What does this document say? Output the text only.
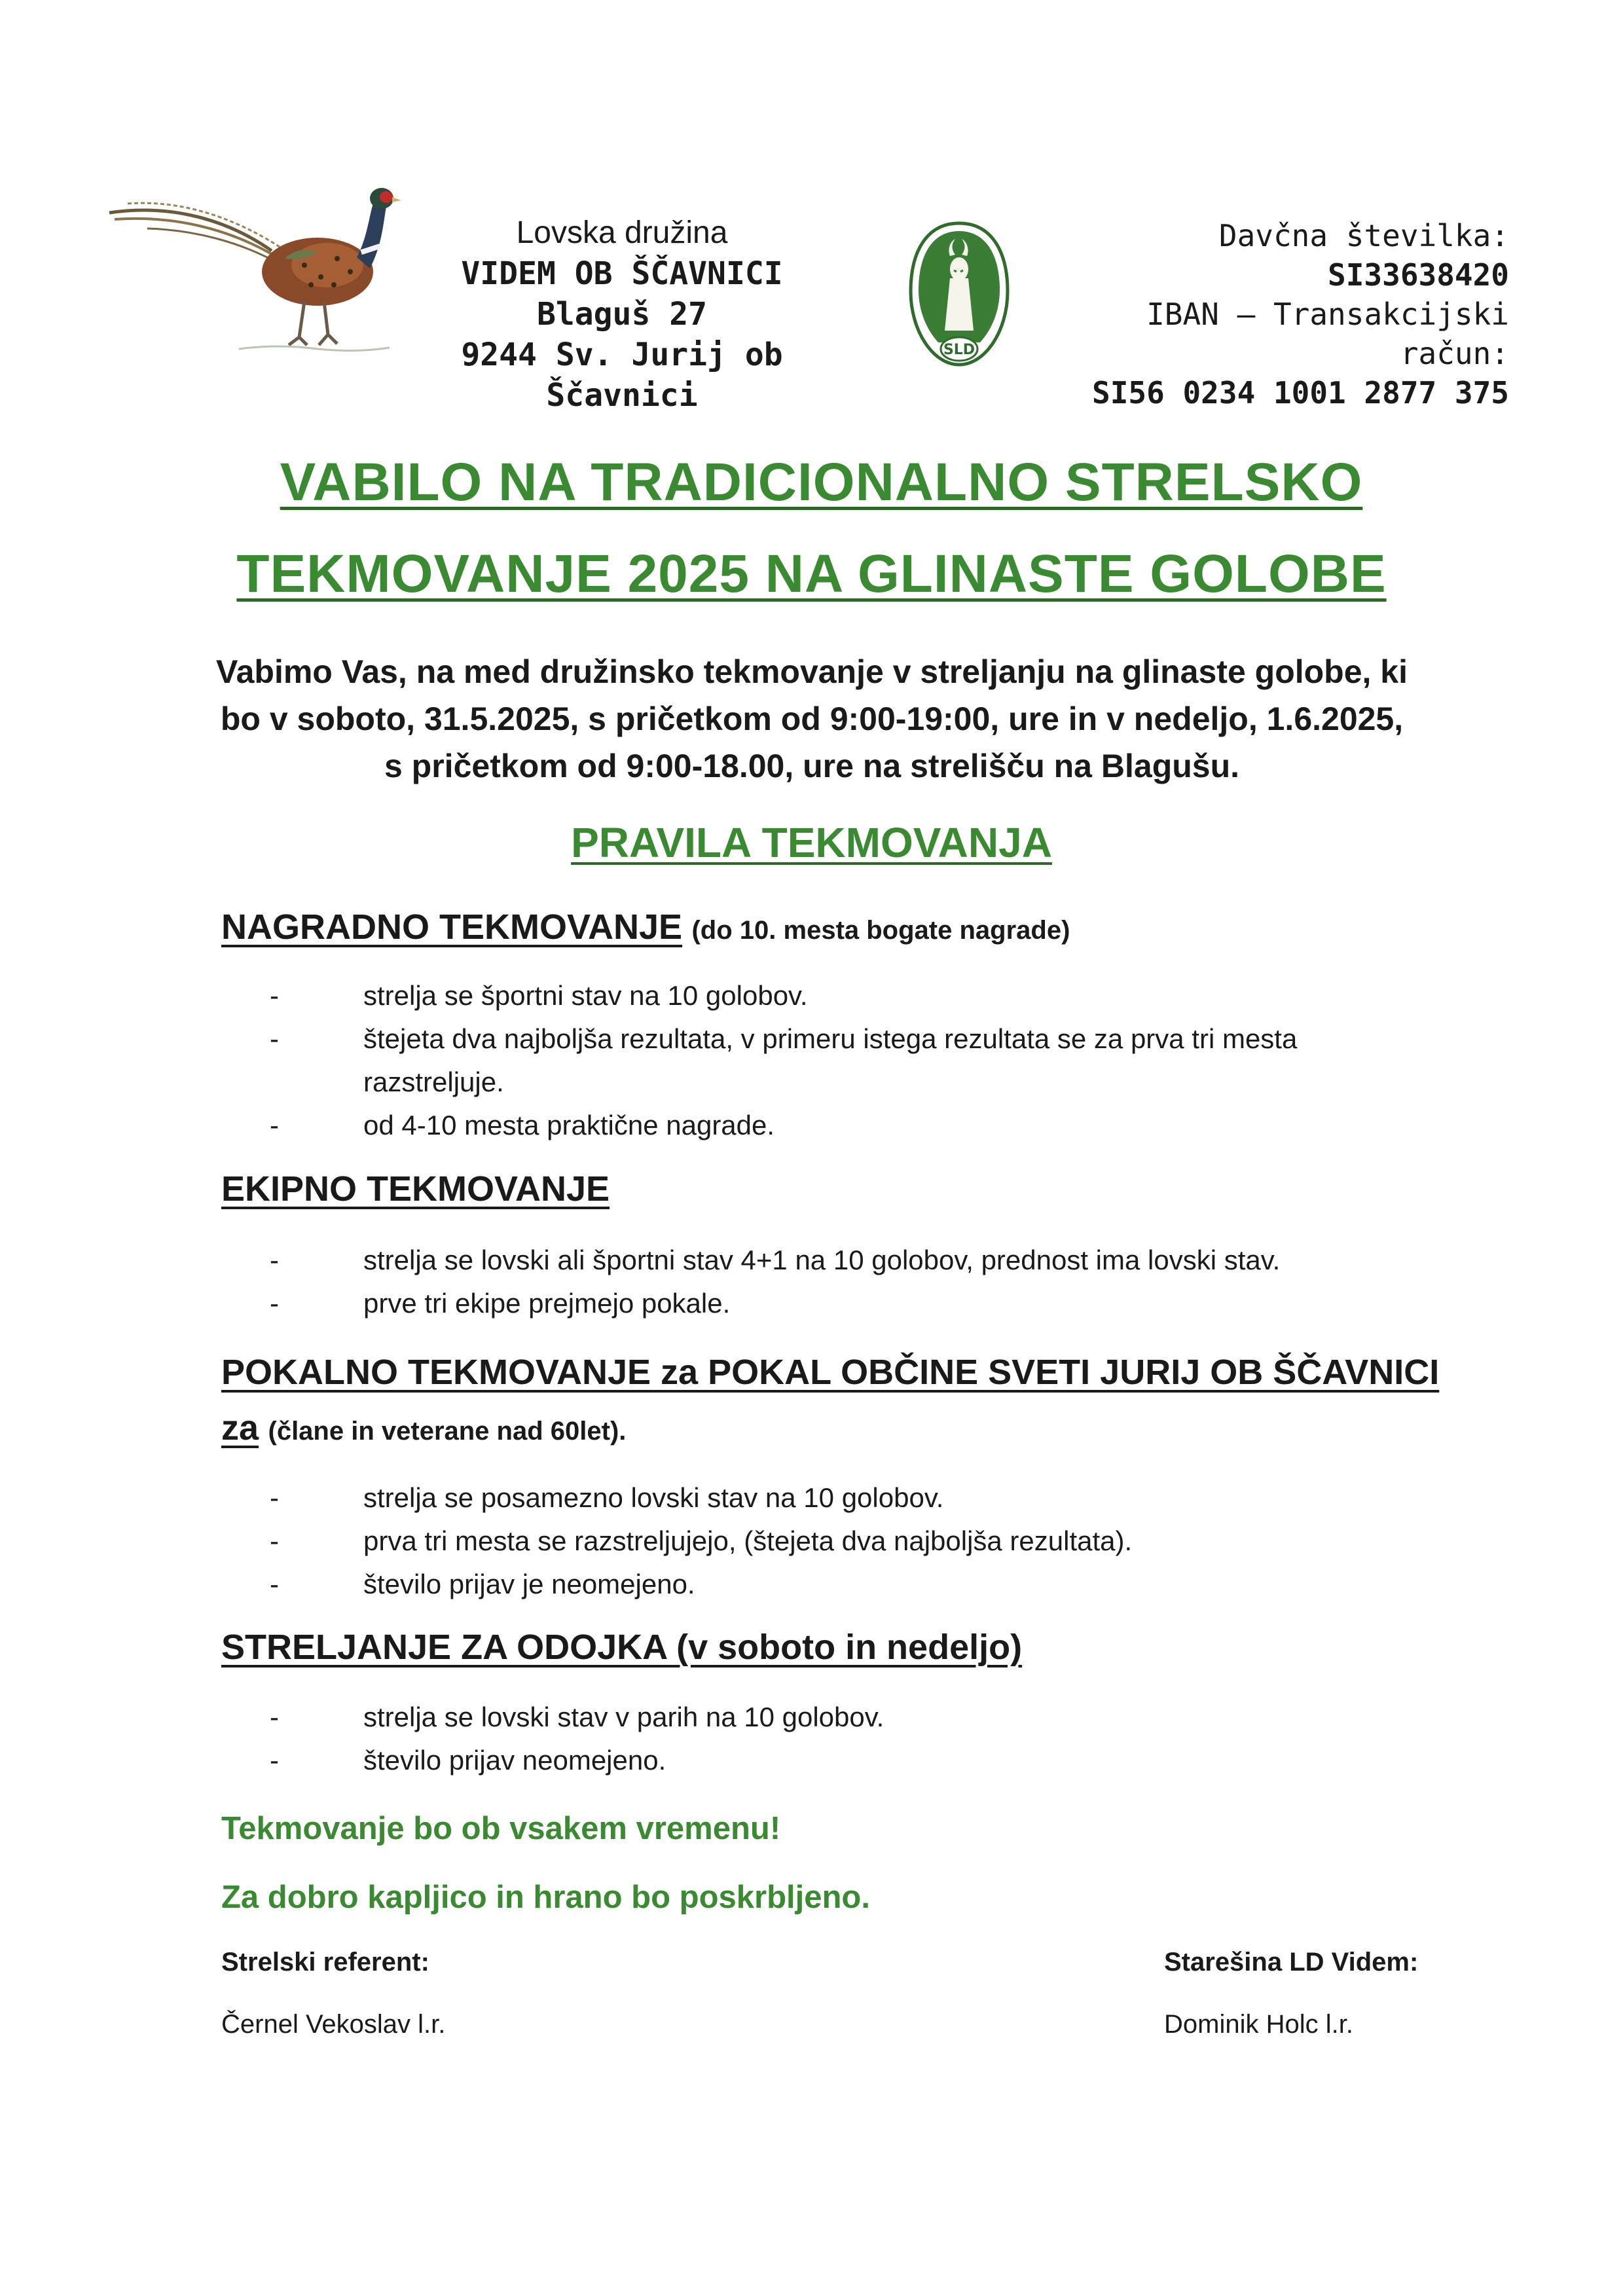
Lovska družina
VIDEM OB ŠČAVNICI
Blaguš 27
9244 Sv. Jurij ob Ščavnici
SLD
Davčna številka:
SI33638420
IBAN – Transakcijski račun:
SI56 0234 1001 2877 375
VABILO NA TRADICIONALNO STRELSKO
TEKMOVANJE 2025 NA GLINASTE GOLOBE
Vabimo Vas, na med družinsko tekmovanje v streljanju na glinaste golobe, ki
bo v soboto, 31.5.2025, s pričetkom od 9:00-19:00, ure in v nedeljo, 1.6.2025,
s pričetkom od 9:00-18.00, ure na strelišču na Blagušu.
PRAVILA TEKMOVANJA
NAGRADNO TEKMOVANJE (do 10. mesta bogate nagrade)
- strelja se športni stav na 10 golobov.
- štejeta dva najboljša rezultata, v primeru istega rezultata se za prva tri mesta razstreljuje.
- od 4-10 mesta praktične nagrade.
EKIPNO TEKMOVANJE
- strelja se lovski ali športni stav 4+1 na 10 golobov, prednost ima lovski stav.
- prve tri ekipe prejmejo pokale.
POKALNO TEKMOVANJE za POKAL OBČINE SVETI JURIJ OB ŠČAVNICI
za (člane in veterane nad 60let).
- strelja se posamezno lovski stav na 10 golobov.
- prva tri mesta se razstreljujejo, (štejeta dva najboljša rezultata).
- število prijav je neomejeno.
STRELJANJE ZA ODOJKA (v soboto in nedeljo)
- strelja se lovski stav v parih na 10 golobov.
- število prijav neomejeno.
Tekmovanje bo ob vsakem vremenu!
Za dobro kapljico in hrano bo poskrbljeno.
Strelski referent:
Černel Vekoslav l.r.
Starešina LD Videm:
Dominik Holc l.r.
